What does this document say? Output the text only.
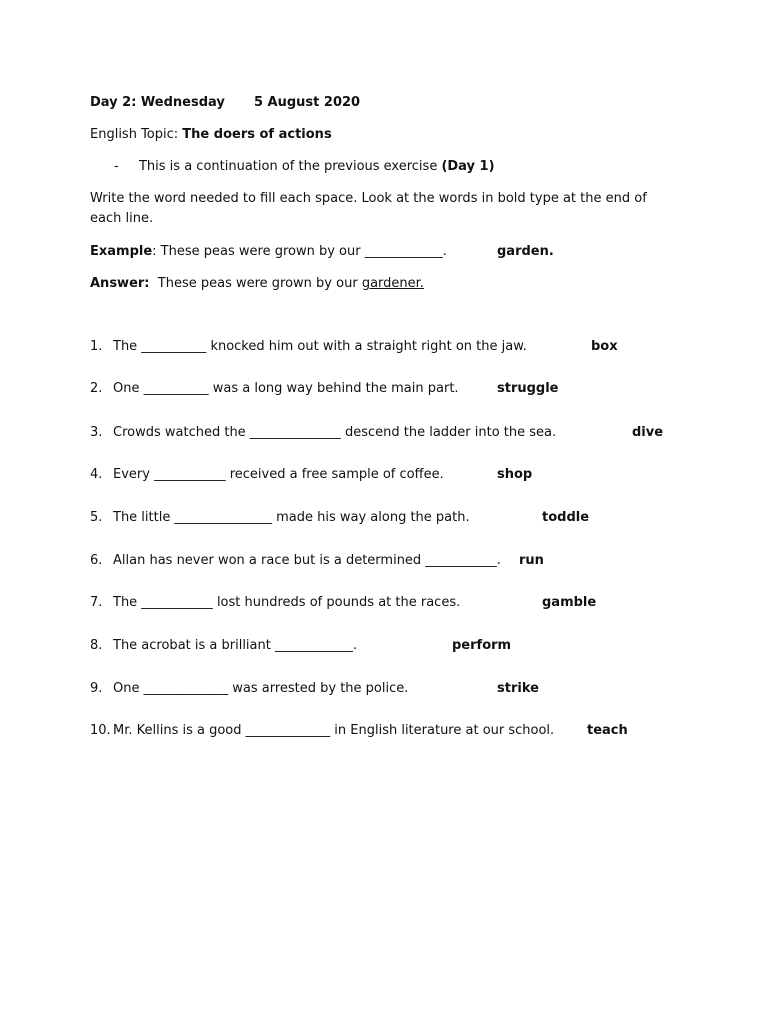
Day 2: Wednesday 5 August 2020
English Topic: The doers of actions
- This is a continuation of the previous exercise (Day 1)
Write the word needed to fill each space. Look at the words in bold type at the end of
each line.
Example: These peas were grown by our ____________.	garden.
Answer:  These peas were grown by our gardener.
1. The __________ knocked him out with a straight right on the jaw.	box
2. One __________ was a long way behind the main part.	struggle
3. Crowds watched the ______________ descend the ladder into the sea.	dive
4. Every ___________ received a free sample of coffee.	shop
5. The little _______________ made his way along the path.	toddle
6. Allan has never won a race but is a determined ___________. run
7. The ___________ lost hundreds of pounds at the races.	gamble
8. The acrobat is a brilliant ____________.	perform
9. One _____________ was arrested by the police.	strike
10. Mr. Kellins is a good _____________ in English literature at our school.	teach
